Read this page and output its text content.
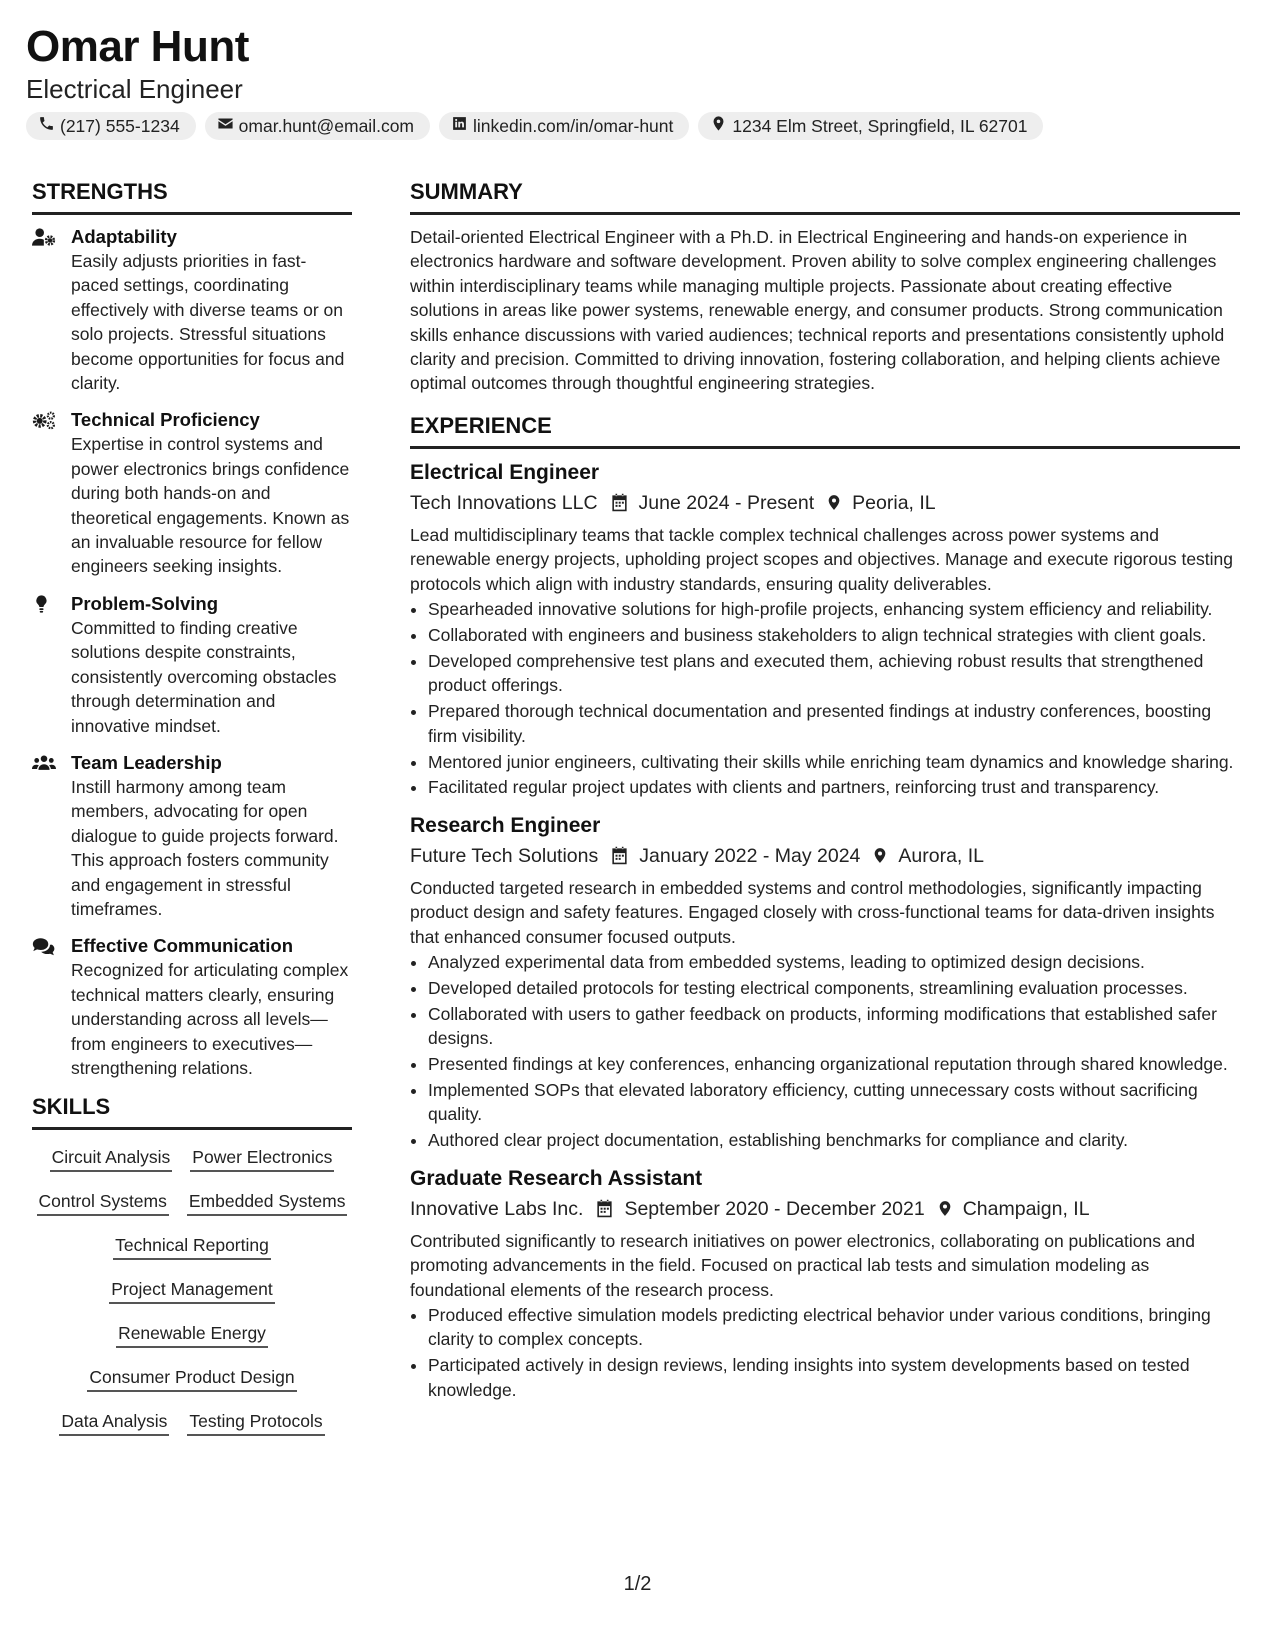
Omar Hunt
Electrical Engineer
(217) 555-1234	omar.hunt@email.com	linkedin.com/in/omar-hunt	1234 Elm Street, Springfield, IL 62701
STRENGTHS
Adaptability
Easily adjusts priorities in fast-paced settings, coordinating effectively with diverse teams or on solo projects. Stressful situations become opportunities for focus and clarity.
Technical Proficiency
Expertise in control systems and power electronics brings confidence during both hands-on and theoretical engagements. Known as an invaluable resource for fellow engineers seeking insights.
Problem-Solving
Committed to finding creative solutions despite constraints, consistently overcoming obstacles through determination and innovative mindset.
Team Leadership
Instill harmony among team members, advocating for open dialogue to guide projects forward. This approach fosters community and engagement in stressful timeframes.
Effective Communication
Recognized for articulating complex technical matters clearly, ensuring understanding across all levels—from engineers to executives—strengthening relations.
SKILLS
Circuit Analysis Power Electronics
Control Systems Embedded Systems
Technical Reporting
Project Management
Renewable Energy
Consumer Product Design
Data Analysis Testing Protocols
SUMMARY
Detail-oriented Electrical Engineer with a Ph.D. in Electrical Engineering and hands-on experience in electronics hardware and software development. Proven ability to solve complex engineering challenges within interdisciplinary teams while managing multiple projects. Passionate about creating effective solutions in areas like power systems, renewable energy, and consumer products. Strong communication skills enhance discussions with varied audiences; technical reports and presentations consistently uphold clarity and precision. Committed to driving innovation, fostering collaboration, and helping clients achieve optimal outcomes through thoughtful engineering strategies.
EXPERIENCE
Electrical Engineer
Tech Innovations LLC June 2024 - Present Peoria, IL
Lead multidisciplinary teams that tackle complex technical challenges across power systems and renewable energy projects, upholding project scopes and objectives. Manage and execute rigorous testing protocols which align with industry standards, ensuring quality deliverables.
• Spearheaded innovative solutions for high-profile projects, enhancing system efficiency and reliability.
• Collaborated with engineers and business stakeholders to align technical strategies with client goals.
• Developed comprehensive test plans and executed them, achieving robust results that strengthened product offerings.
• Prepared thorough technical documentation and presented findings at industry conferences, boosting firm visibility.
• Mentored junior engineers, cultivating their skills while enriching team dynamics and knowledge sharing.
• Facilitated regular project updates with clients and partners, reinforcing trust and transparency.
Research Engineer
Future Tech Solutions January 2022 - May 2024 Aurora, IL
Conducted targeted research in embedded systems and control methodologies, significantly impacting product design and safety features. Engaged closely with cross-functional teams for data-driven insights that enhanced consumer focused outputs.
• Analyzed experimental data from embedded systems, leading to optimized design decisions.
• Developed detailed protocols for testing electrical components, streamlining evaluation processes.
• Collaborated with users to gather feedback on products, informing modifications that established safer designs.
• Presented findings at key conferences, enhancing organizational reputation through shared knowledge.
• Implemented SOPs that elevated laboratory efficiency, cutting unnecessary costs without sacrificing quality.
• Authored clear project documentation, establishing benchmarks for compliance and clarity.
Graduate Research Assistant
Innovative Labs Inc. September 2020 - December 2021 Champaign, IL
Contributed significantly to research initiatives on power electronics, collaborating on publications and promoting advancements in the field. Focused on practical lab tests and simulation modeling as foundational elements of the research process.
• Produced effective simulation models predicting electrical behavior under various conditions, bringing clarity to complex concepts.
• Participated actively in design reviews, lending insights into system developments based on tested knowledge.
1/2
